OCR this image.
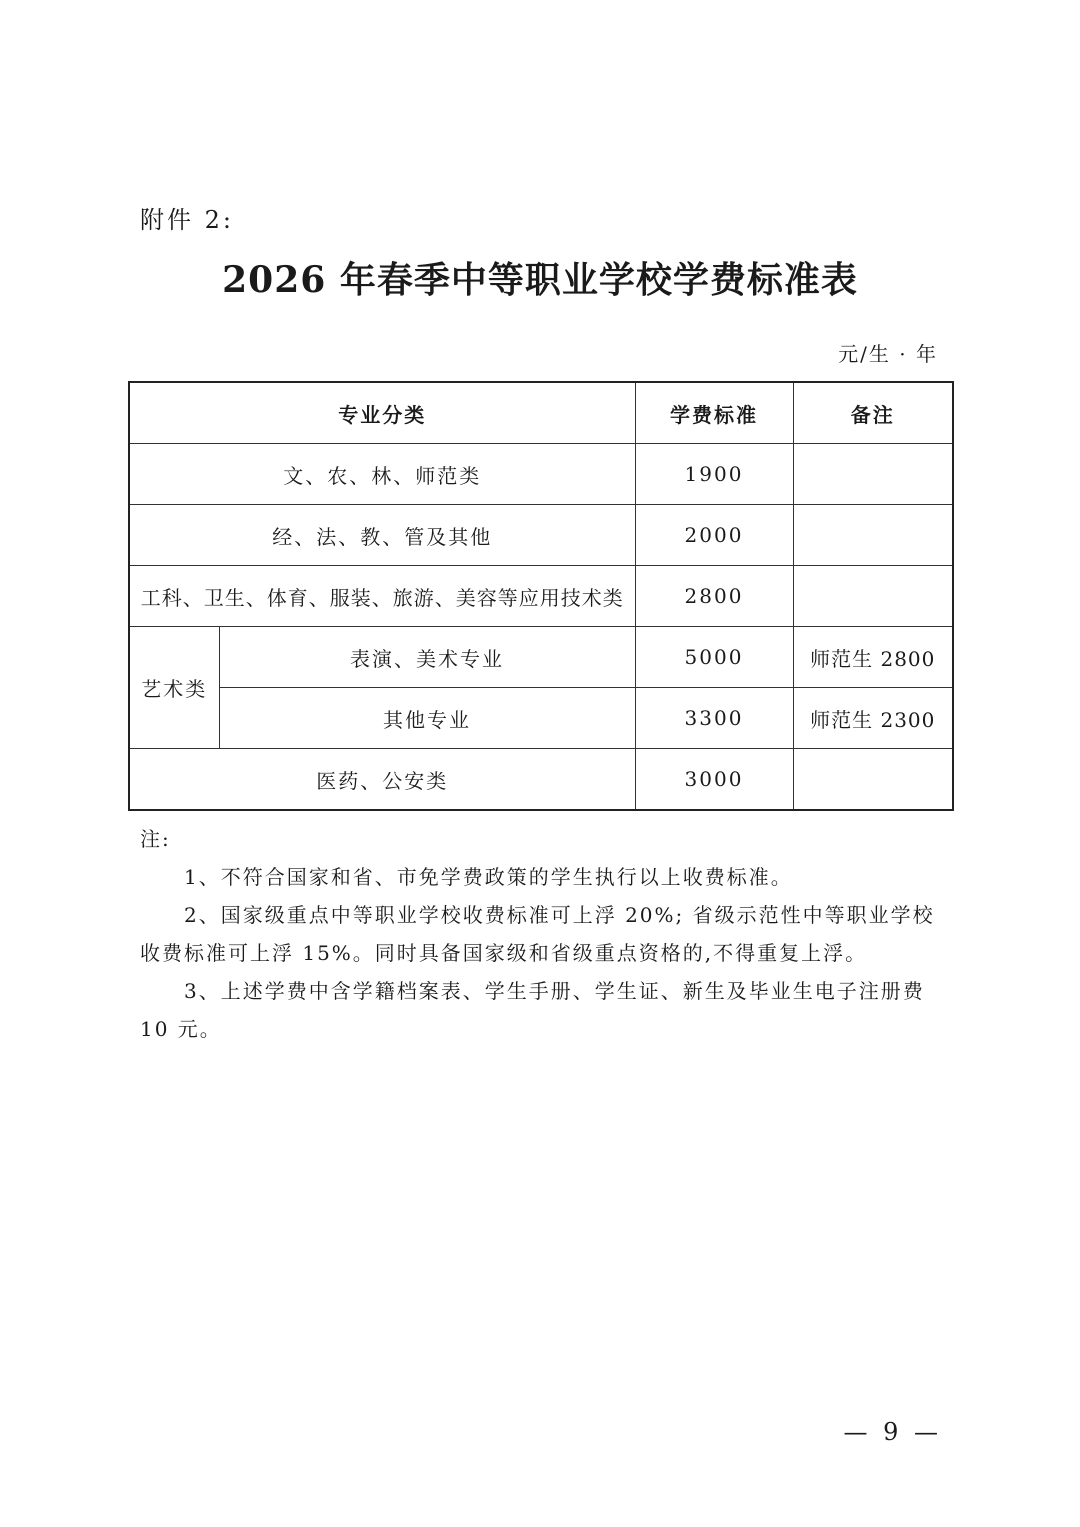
附件 2:
2026 年春季中等职业学校学费标准表
元/生 · 年
专业分类		学费标准	备注
文、农、林、师范类		1900	
经、法、教、管及其他		2000	
工科、卫生、体育、服装、旅游、美容等应用技术类		2800	
艺术类	表演、美术专业	5000	师范生 2800
	其他专业	3300	师范生 2300
医药、公安类		3000	
注:
1、不符合国家和省、市免学费政策的学生执行以上收费标准。
2、国家级重点中等职业学校收费标准可上浮 20%; 省级示范性中等职业学校收费标准可上浮 15%。同时具备国家级和省级重点资格的,不得重复上浮。
3、上述学费中含学籍档案表、学生手册、学生证、新生及毕业生电子注册费 10 元。
— 9 —
